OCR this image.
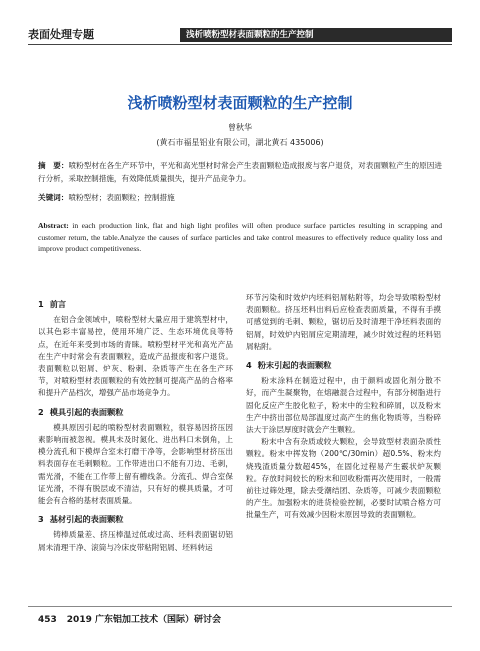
表面处理专题	浅析喷粉型材表面颗粒的生产控制
浅析喷粉型材表面颗粒的生产控制
曾秋华
(黄石市福星铝业有限公司，湖北黄石 435006)
摘　要：喷粉型材在各生产环节中，平光和高光型材时常会产生表面颗粒造成报废与客户退货，对表面颗粒产生的原因进行分析，采取控制措施，有效降低质量损失，提升产品竞争力。
关键词：喷粉型材；表面颗粒；控制措施
Abstract: in each production link, flat and high light profiles will often produce surface particles resulting in scrapping and customer return, the table.Analyze the causes of surface particles and take control measures to effectively reduce quality loss and improve product competitiveness.
1 前言

在铝合金领域中，喷粉型材大量应用于建筑型材中，以其色彩丰富易控，使用环境广泛、生态环境优良等特点，在近年来受到市场的青睐。喷粉型材平光和高光产品在生产中时常会有表面颗粒，造成产品报废和客户退货。表面颗粒以铝屑、炉灰、粉刺、杂质等产生在各生产环节，对喷粉型材表面颗粒的有效控制可提高产品的合格率和提升产品档次，增强产品市场竞争力。

2 模具引起的表面颗粒

模具原因引起的喷粉型材表面颗粒，很容易因挤压因素影响而被忽视。模具未及时氮化、进出料口未倒角，上模分流孔和下模焊合室未打磨干净等，会影响型材挤压出料表面存在毛刺颗粒。工作带进出口不能有刀边、毛刺，需光滑，不能在工作带上留有槽线条。分流孔、焊合室保证光滑，不得有脱层或不清洁，只有好的模具质量，才可能会有合格的基材表面质量。

3 基材引起的表面颗粒

铸棒质量差、挤压棒温过低或过高、坯料表面锯切铝屑未清理干净、滚筒与冷床皮带粘附铝屑、坯料转运

环节污染和时效炉内坯料铝屑粘附等，均会导致喷粉型材表面颗粒。挤压坯料出料后应检查表面质量，不得有手摸可感觉到的毛刺、颗粒，锯切后及时清理干净坯料表面的铝屑，时效炉内铝屑应定期清理，减少时效过程的坯料铝屑粘附。

4 粉末引起的表面颗粒

粉末涂料在制造过程中，由于颜料或固化剂分散不好，而产生凝聚物，在熔融混合过程中，有部分树脂进行固化反应产生胶化粒子，粉末中的尘粒和碎屑，以及粉末生产中挤出部位局部温度过高产生的焦化物质等，当粉碎法大于涂层厚度时就会产生颗粒。

粉末中含有杂质或较大颗粒，会导致型材表面杂质性颗粒。粉末中挥发物（200℃/30min）超0.5%、粉末灼烧残渣质量分数超45%，在固化过程易产生霰状炉灰颗粒。存放时间较长的粉末和回收粉需再次使用时，一般需前往过筛处理，除去受潮结团、杂质等，可减少表面颗粒的产生。加强粉末的进货检验控制，必要时试喷合格方可批量生产，可有效减少因粉末原因导致的表面颗粒。

453 2019 广东铝加工技术（国际）研讨会
